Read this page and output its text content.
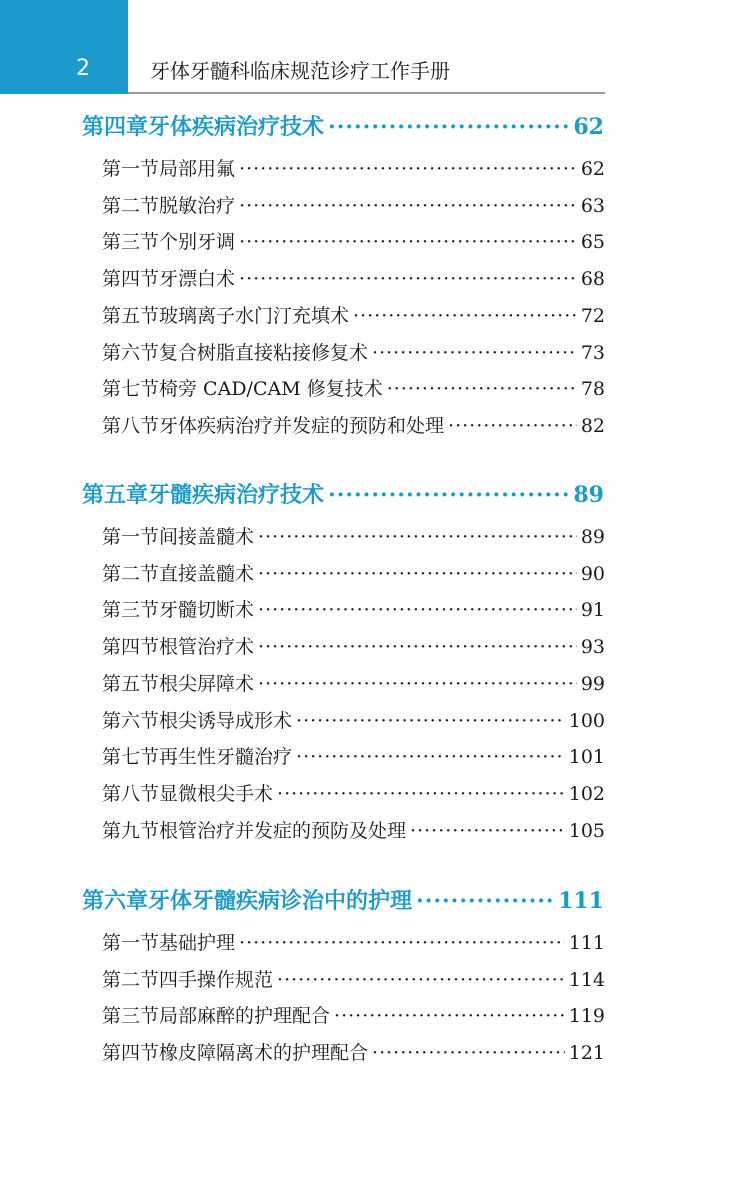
2	牙体牙髓科临床规范诊疗工作手册
第四章 牙体疾病治疗技术 ·····	62
第一节 局部用氟 ·····	62
第二节 脱敏治疗 ·····	63
第三节 个别牙调 ·····	65
第四节 牙漂白术 ·····	68
第五节 玻璃离子水门汀充填术 ·····	72
第六节 复合树脂直接粘接修复术 ·····	73
第七节 椅旁 CAD/CAM 修复技术 ·····	78
第八节 牙体疾病治疗并发症的预防和处理 ·····	82
第五章 牙髓疾病治疗技术 ·····	89
第一节 间接盖髓术 ·····	89
第二节 直接盖髓术 ·····	90
第三节 牙髓切断术 ·····	91
第四节 根管治疗术 ·····	93
第五节 根尖屏障术 ·····	99
第六节 根尖诱导成形术 ·····	100
第七节 再生性牙髓治疗 ·····	101
第八节 显微根尖手术 ·····	102
第九节 根管治疗并发症的预防及处理 ·····	105
第六章 牙体牙髓疾病诊治中的护理 ·····	111
第一节 基础护理 ·····	111
第二节 四手操作规范 ·····	114
第三节 局部麻醉的护理配合 ·····	119
第四节 橡皮障隔离术的护理配合 ·····	121
